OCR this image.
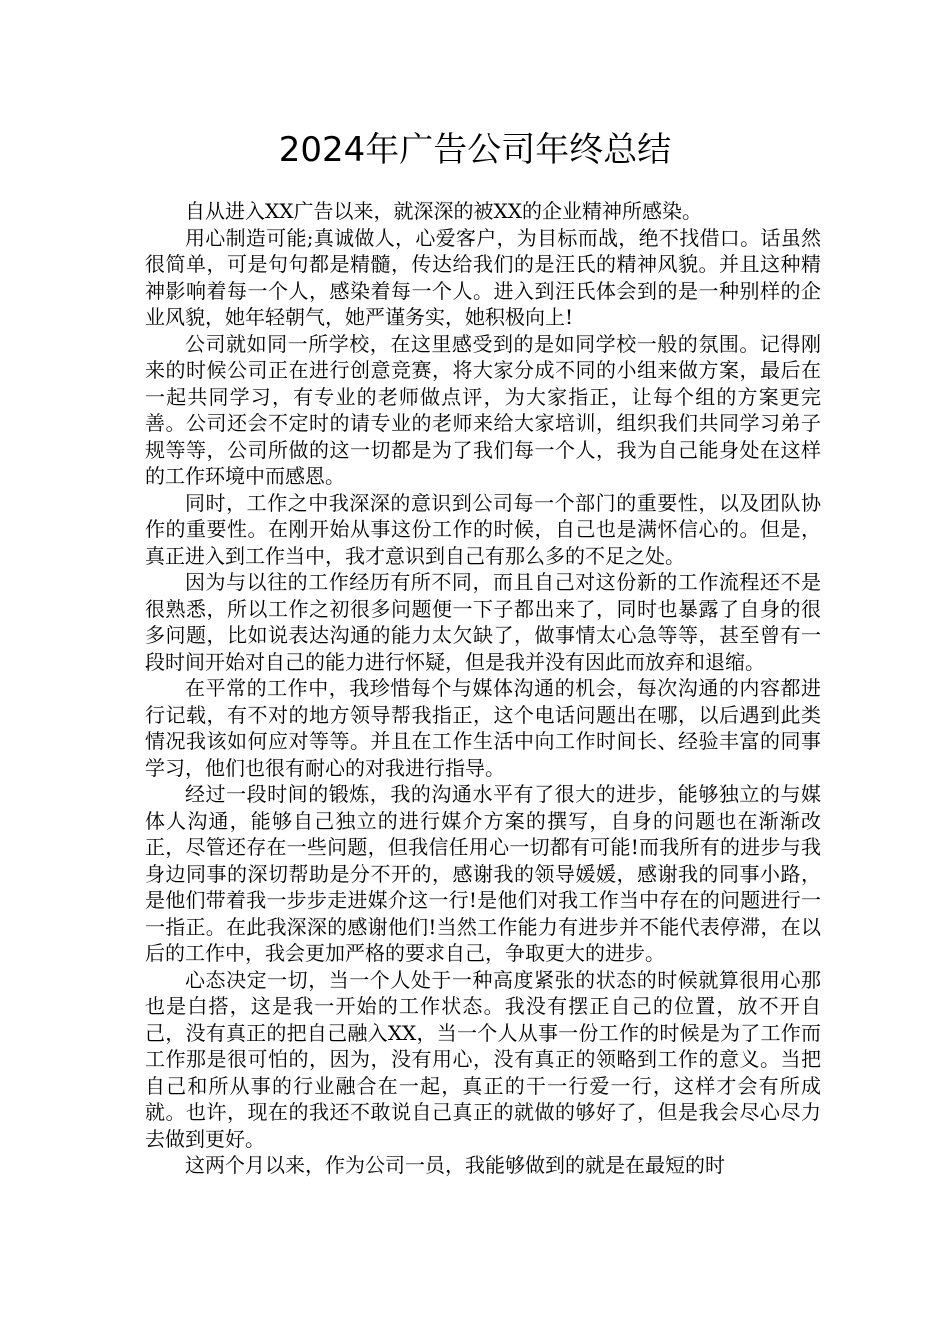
2024年广告公司年终总结

自从进入XX广告以来，就深深的被XX的企业精神所感染。

用心制造可能;真诚做人，心爱客户，为目标而战，绝不找借口。话虽然很简单，可是句句都是精髓，传达给我们的是汪氏的精神风貌。并且这种精神影响着每一个人，感染着每一个人。进入到汪氏体会到的是一种别样的企业风貌，她年轻朝气，她严谨务实，她积极向上!

公司就如同一所学校，在这里感受到的是如同学校一般的氛围。记得刚来的时候公司正在进行创意竞赛，将大家分成不同的小组来做方案，最后在一起共同学习，有专业的老师做点评，为大家指正，让每个组的方案更完善。公司还会不定时的请专业的老师来给大家培训，组织我们共同学习弟子规等等，公司所做的这一切都是为了我们每一个人，我为自己能身处在这样的工作环境中而感恩。

同时，工作之中我深深的意识到公司每一个部门的重要性，以及团队协作的重要性。在刚开始从事这份工作的时候，自己也是满怀信心的。但是，真正进入到工作当中，我才意识到自己有那么多的不足之处。

因为与以往的工作经历有所不同，而且自己对这份新的工作流程还不是很熟悉，所以工作之初很多问题便一下子都出来了，同时也暴露了自身的很多问题，比如说表达沟通的能力太欠缺了，做事情太心急等等，甚至曾有一段时间开始对自己的能力进行怀疑，但是我并没有因此而放弃和退缩。

在平常的工作中，我珍惜每个与媒体沟通的机会，每次沟通的内容都进行记载，有不对的地方领导帮我指正，这个电话问题出在哪，以后遇到此类情况我该如何应对等等。并且在工作生活中向工作时间长、经验丰富的同事学习，他们也很有耐心的对我进行指导。

经过一段时间的锻炼，我的沟通水平有了很大的进步，能够独立的与媒体人沟通，能够自己独立的进行媒介方案的撰写，自身的问题也在渐渐改正，尽管还存在一些问题，但我信任用心一切都有可能!而我所有的进步与我身边同事的深切帮助是分不开的，感谢我的领导媛媛，感谢我的同事小路，是他们带着我一步步走进媒介这一行!是他们对我工作当中存在的问题进行一一指正。在此我深深的感谢他们!当然工作能力有进步并不能代表停滞，在以后的工作中，我会更加严格的要求自己，争取更大的进步。

心态决定一切，当一个人处于一种高度紧张的状态的时候就算很用心那也是白搭，这是我一开始的工作状态。我没有摆正自己的位置，放不开自己，没有真正的把自己融入XX，当一个人从事一份工作的时候是为了工作而工作那是很可怕的，因为，没有用心，没有真正的领略到工作的意义。当把自己和所从事的行业融合在一起，真正的干一行爱一行，这样才会有所成就。也许，现在的我还不敢说自己真正的就做的够好了，但是我会尽心尽力去做到更好。

这两个月以来，作为公司一员，我能够做到的就是在最短的时
